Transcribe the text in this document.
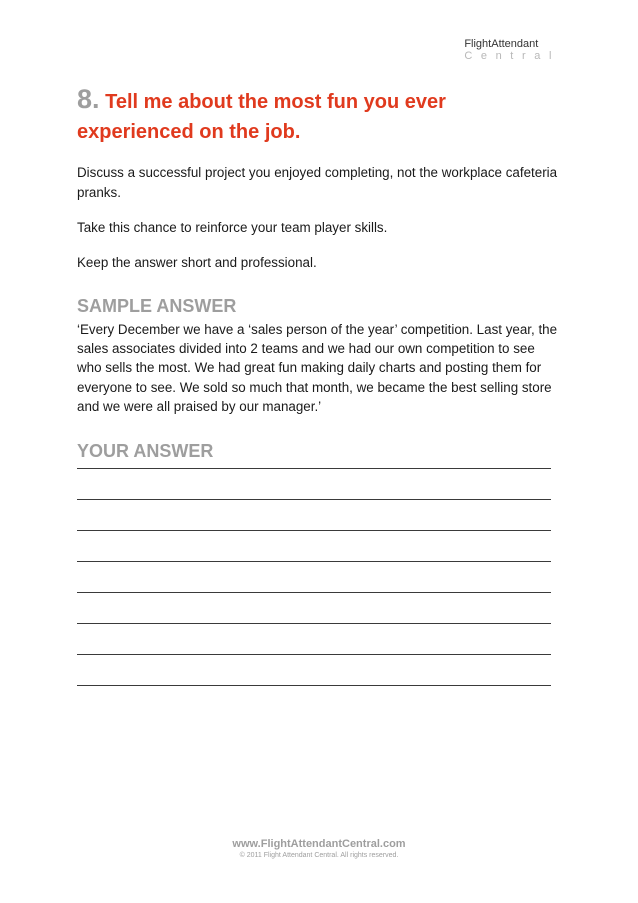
FlightAttendant
Central
8. Tell me about the most fun you ever experienced on the job.

Discuss a successful project you enjoyed completing, not the workplace cafeteria pranks.

Take this chance to reinforce your team player skills.

Keep the answer short and professional.

SAMPLE ANSWER

‘Every December we have a ‘sales person of the year’ competition. Last year, the sales associates divided into 2 teams and we had our own competition to see who sells the most. We had great fun making daily charts and posting them for everyone to see. We sold so much that month, we became the best selling store and we were all praised by our manager.’

YOUR ANSWER
www.FlightAttendantCentral.com
© 2011 Flight Attendant Central. All rights reserved.
